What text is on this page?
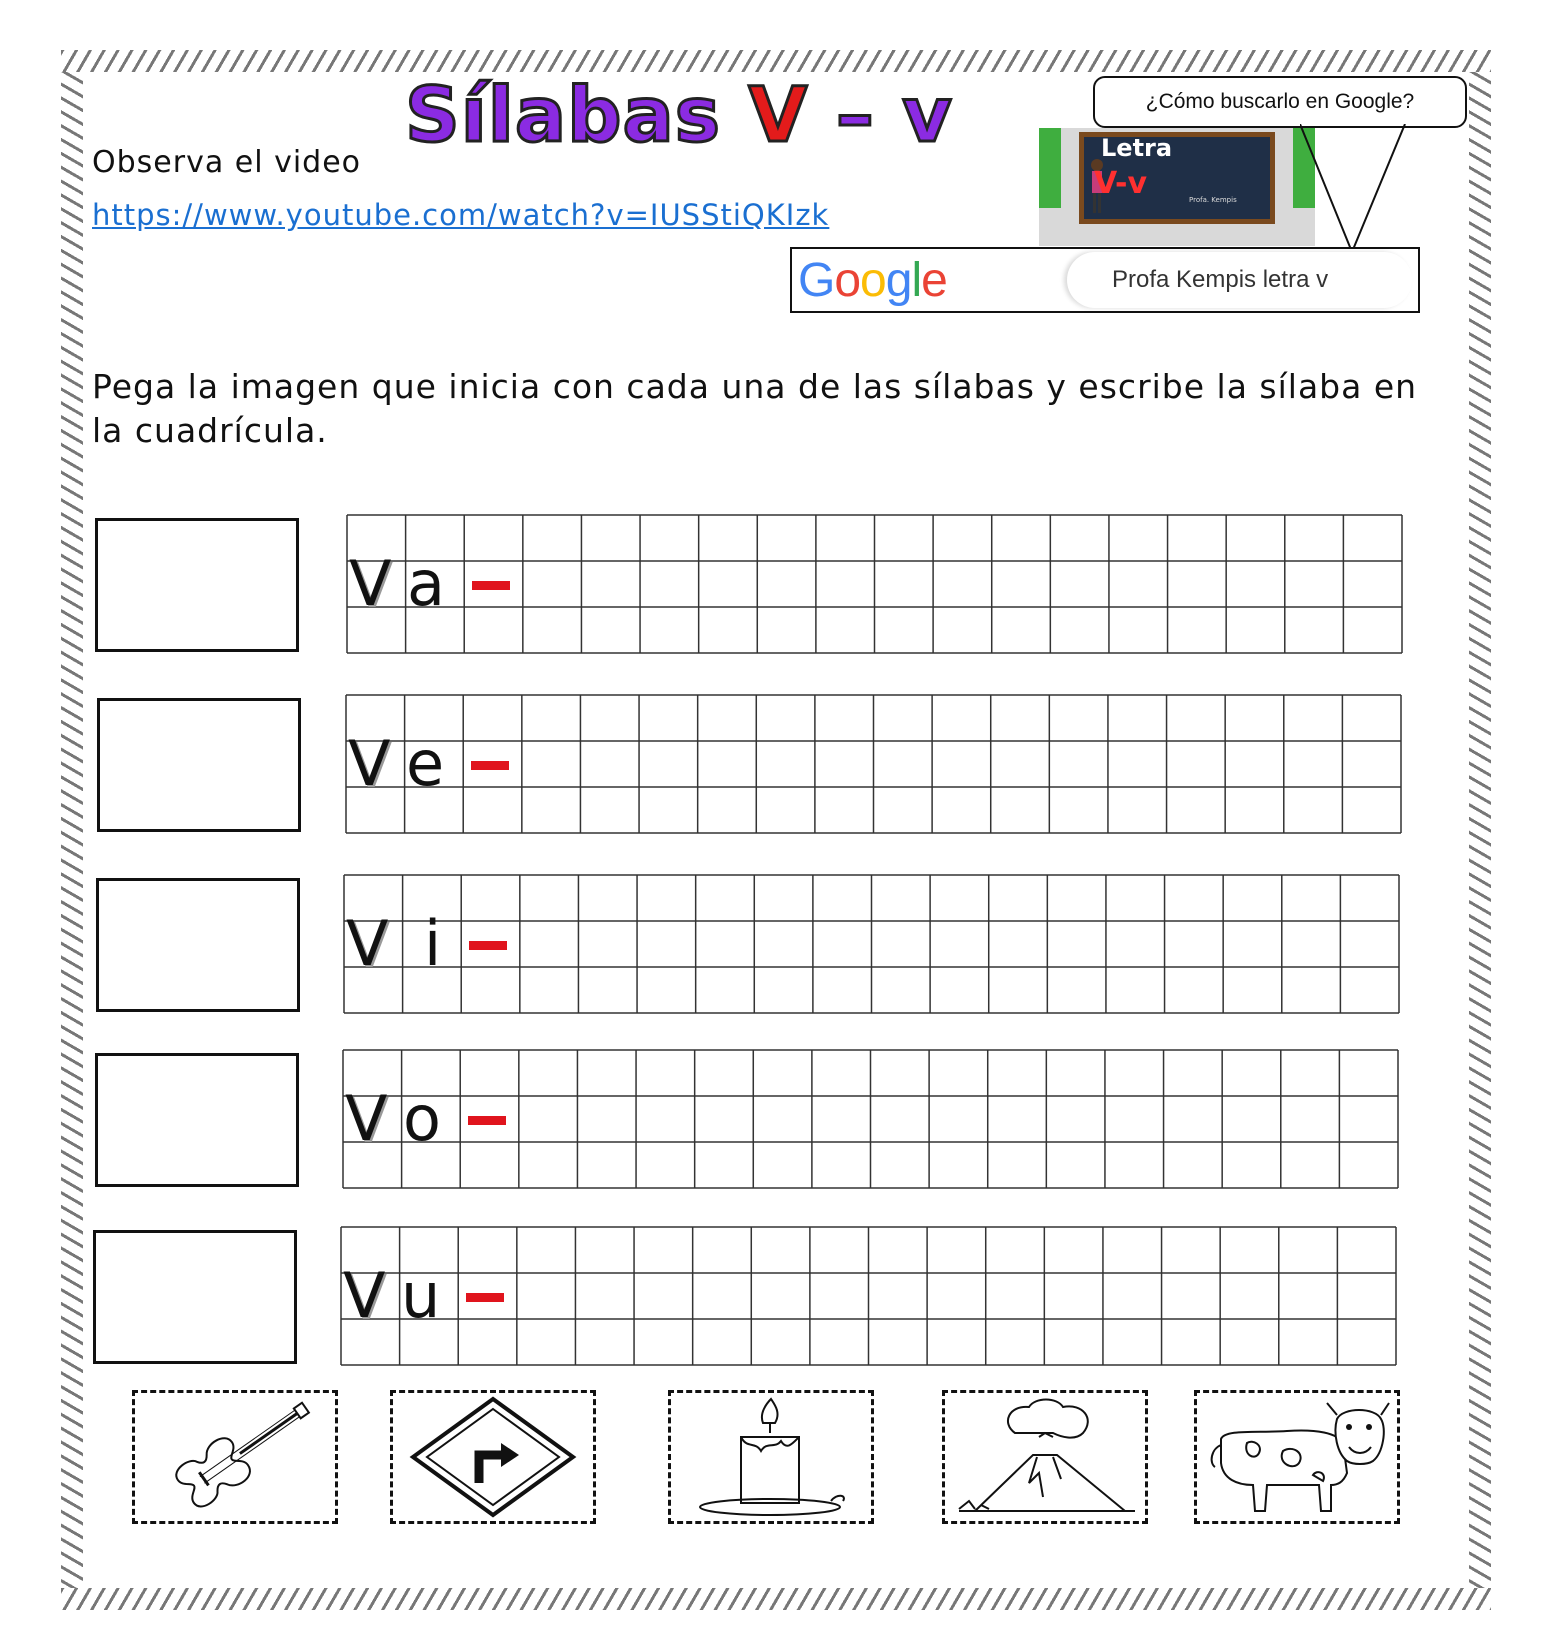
Sílabas V – v
Observa el video
https://www.youtube.com/watch?v=IUSStiQKIzk
Letra
V-v	Profa. Kempis
¿Cómo buscarlo en Google?
Google	Profa Kempis letra v
Pega la imagen que inicia con cada una de las sílabas y escribe la sílaba en la cuadrícula.
V a
V e
V i
V o
V u
